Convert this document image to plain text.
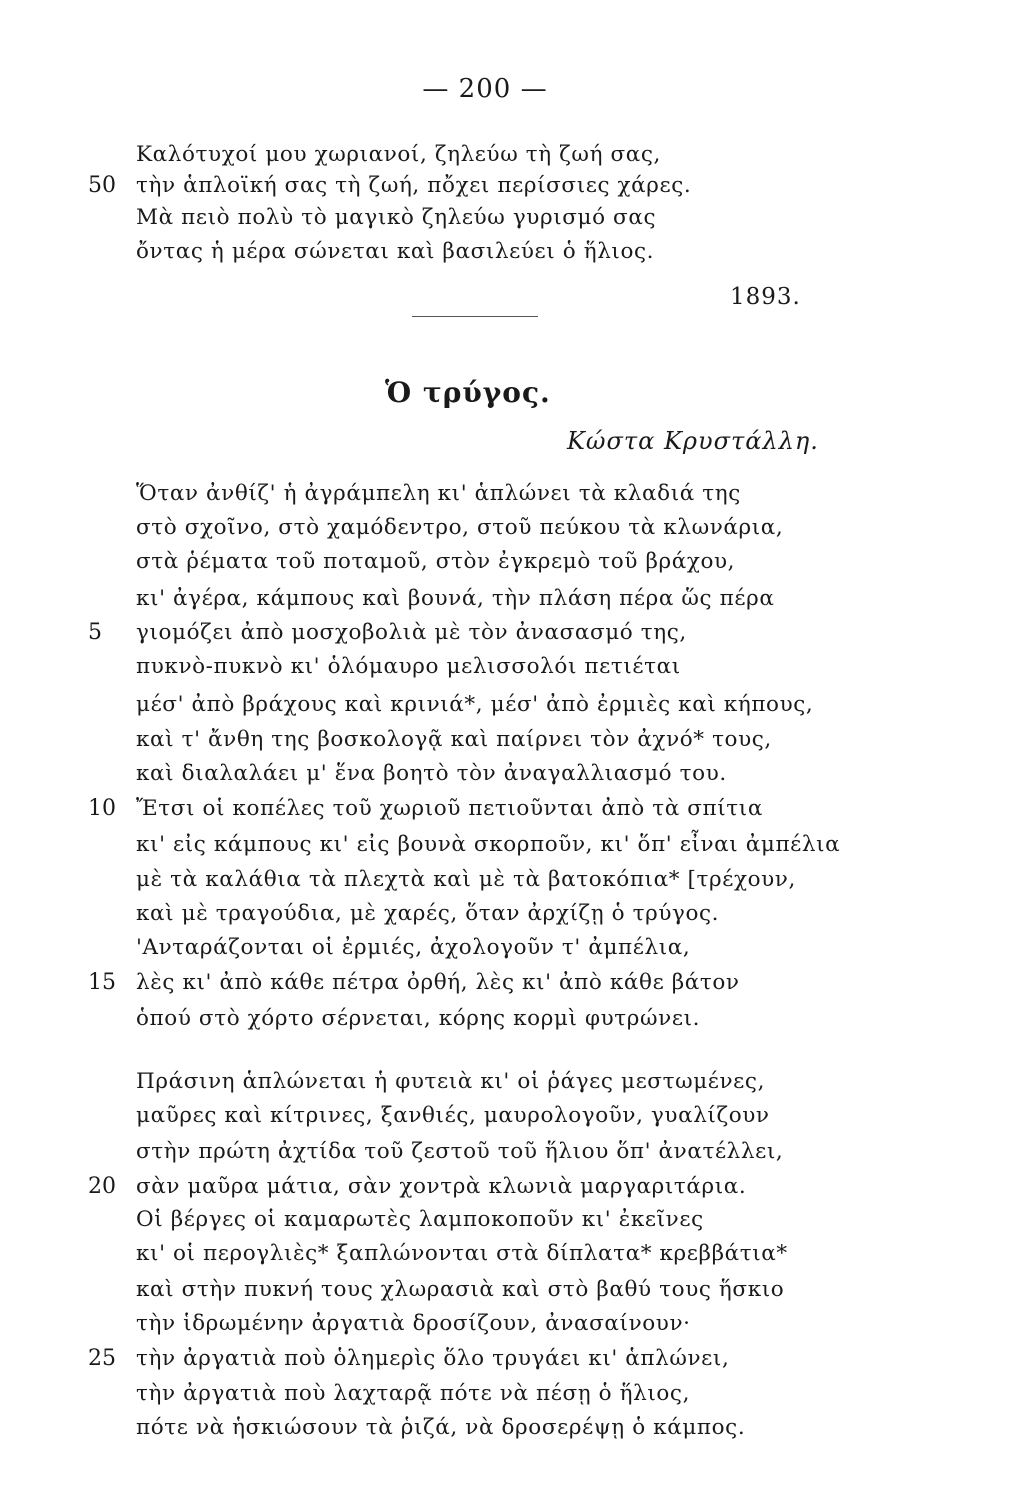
— 200 —
Καλότυχοί μου χωριανοί, ζηλεύω τὴ ζωή σας,
50 τὴν ἁπλοϊκή σας τὴ ζωή, πὄχει περίσσιες χάρες.
Μὰ πειὸ πολὺ τὸ μαγικὸ ζηλεύω γυρισμό σας
ὄντας ἡ μέρα σώνεται καὶ βασιλεύει ὁ ἥλιος.
1893.
Ὁ τρύγος.
Κώστα Κρυστάλλη.
Ὅταν ἀνθίζ' ἡ ἀγράμπελη κι' ἁπλώνει τὰ κλαδιά της
στὸ σχοῖνο, στὸ χαμόδεντρο, στοῦ πεύκου τὰ κλωνάρια,
στὰ ῥέματα τοῦ ποταμοῦ, στὸν ἐγκρεμὸ τοῦ βράχου,
κι' ἀγέρα, κάμπους καὶ βουνά, τὴν πλάση πέρα ὥς πέρα
5	γιομόζει ἀπὸ μοσχοβολιὰ μὲ τὸν ἀνασασμό της,
πυκνὸ-πυκνὸ κι' ὁλόμαυρο μελισσολόι πετιέται
μέσ' ἀπὸ βράχους καὶ κρινιά*, μέσ' ἀπὸ ἐρμιὲς καὶ κήπους,
καὶ τ' ἄνθη της βοσκολογᾷ καὶ παίρνει τὸν ἀχνό* τους,
καὶ διαλαλάει μ' ἕνα βοητὸ τὸν ἀναγαλλιασμό του.
10 Ἔτσι οἱ κοπέλες τοῦ χωριοῦ πετιοῦνται ἀπὸ τὰ σπίτια
κι' εἰς κάμπους κι' εἰς βουνὰ σκορποῦν, κι' ὅπ' εἶναι ἀμπέλια
μὲ τὰ καλάθια τὰ πλεχτὰ καὶ μὲ τὰ βατοκόπια* [τρέχουν,
καὶ μὲ τραγούδια, μὲ χαρές, ὅταν ἀρχίζῃ ὁ τρύγος.
'Ανταράζονται οἱ ἐρμιές, ἀχολογοῦν τ' ἀμπέλια,
15 λὲς κι' ἀπὸ κάθε πέτρα ὀρθή, λὲς κι' ἀπὸ κάθε βάτον
ὁπού στὸ χόρτο σέρνεται, κόρης κορμὶ φυτρώνει.
Πράσινη ἁπλώνεται ἡ φυτειὰ κι' οἱ ῥάγες μεστωμένες,
μαῦρες καὶ κίτρινες, ξανθιές, μαυρολογοῦν, γυαλίζουν
στὴν πρώτη ἀχτίδα τοῦ ζεστοῦ τοῦ ἥλιου ὅπ' ἀνατέλλει,
20 σὰν μαῦρα μάτια, σὰν χοντρὰ κλωνιὰ μαργαριτάρια.
Οἱ βέργες οἱ καμαρωτὲς λαμποκοποῦν κι' ἐκεῖνες
κι' οἱ περογλιὲς* ξαπλώνονται στὰ δίπλατα* κρεββάτια*
καὶ στὴν πυκνή τους χλωρασιὰ καὶ στὸ βαθύ τους ἥσκιο
τὴν ἱδρωμένην ἀργατιὰ δροσίζουν, ἀνασαίνουν·
25 τὴν ἀργατιὰ ποὺ ὁλημερὶς ὅλο τρυγάει κι' ἁπλώνει,
τὴν ἀργατιὰ ποὺ λαχταρᾷ πότε νὰ πέσῃ ὁ ἥλιος,
πότε νὰ ἡσκιώσουν τὰ ῥιζά, νὰ δροσερέψῃ ὁ κάμπος.
